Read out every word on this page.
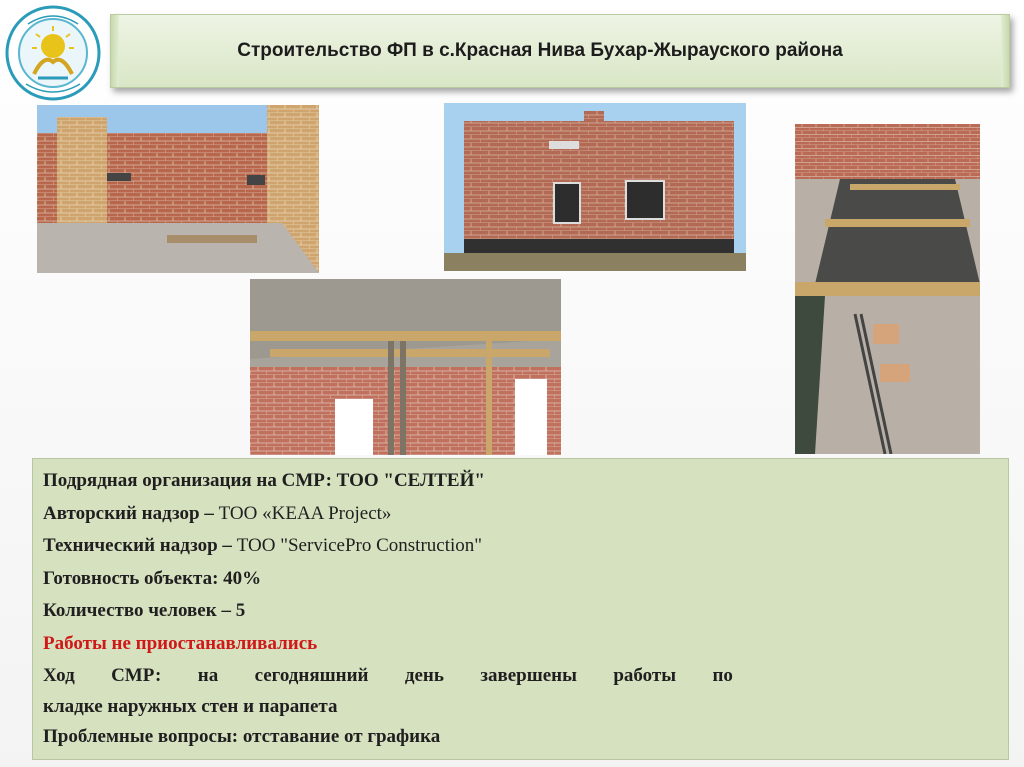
Строительство ФП в с.Красная Нива Бухар-Жырауского района
Подрядная организация на СМР: ТОО "СЕЛТЕЙ"
Авторский надзор – ТОО «KEAA Project»
Технический надзор – ТОО "ServicePro Construction"
Готовность объекта: 40%
Количество человек – 5
Работы не приостанавливались
Ход СМР: на сегодняшний день завершены работы по
кладке наружных стен и парапета
Проблемные вопросы: отставание от графика
